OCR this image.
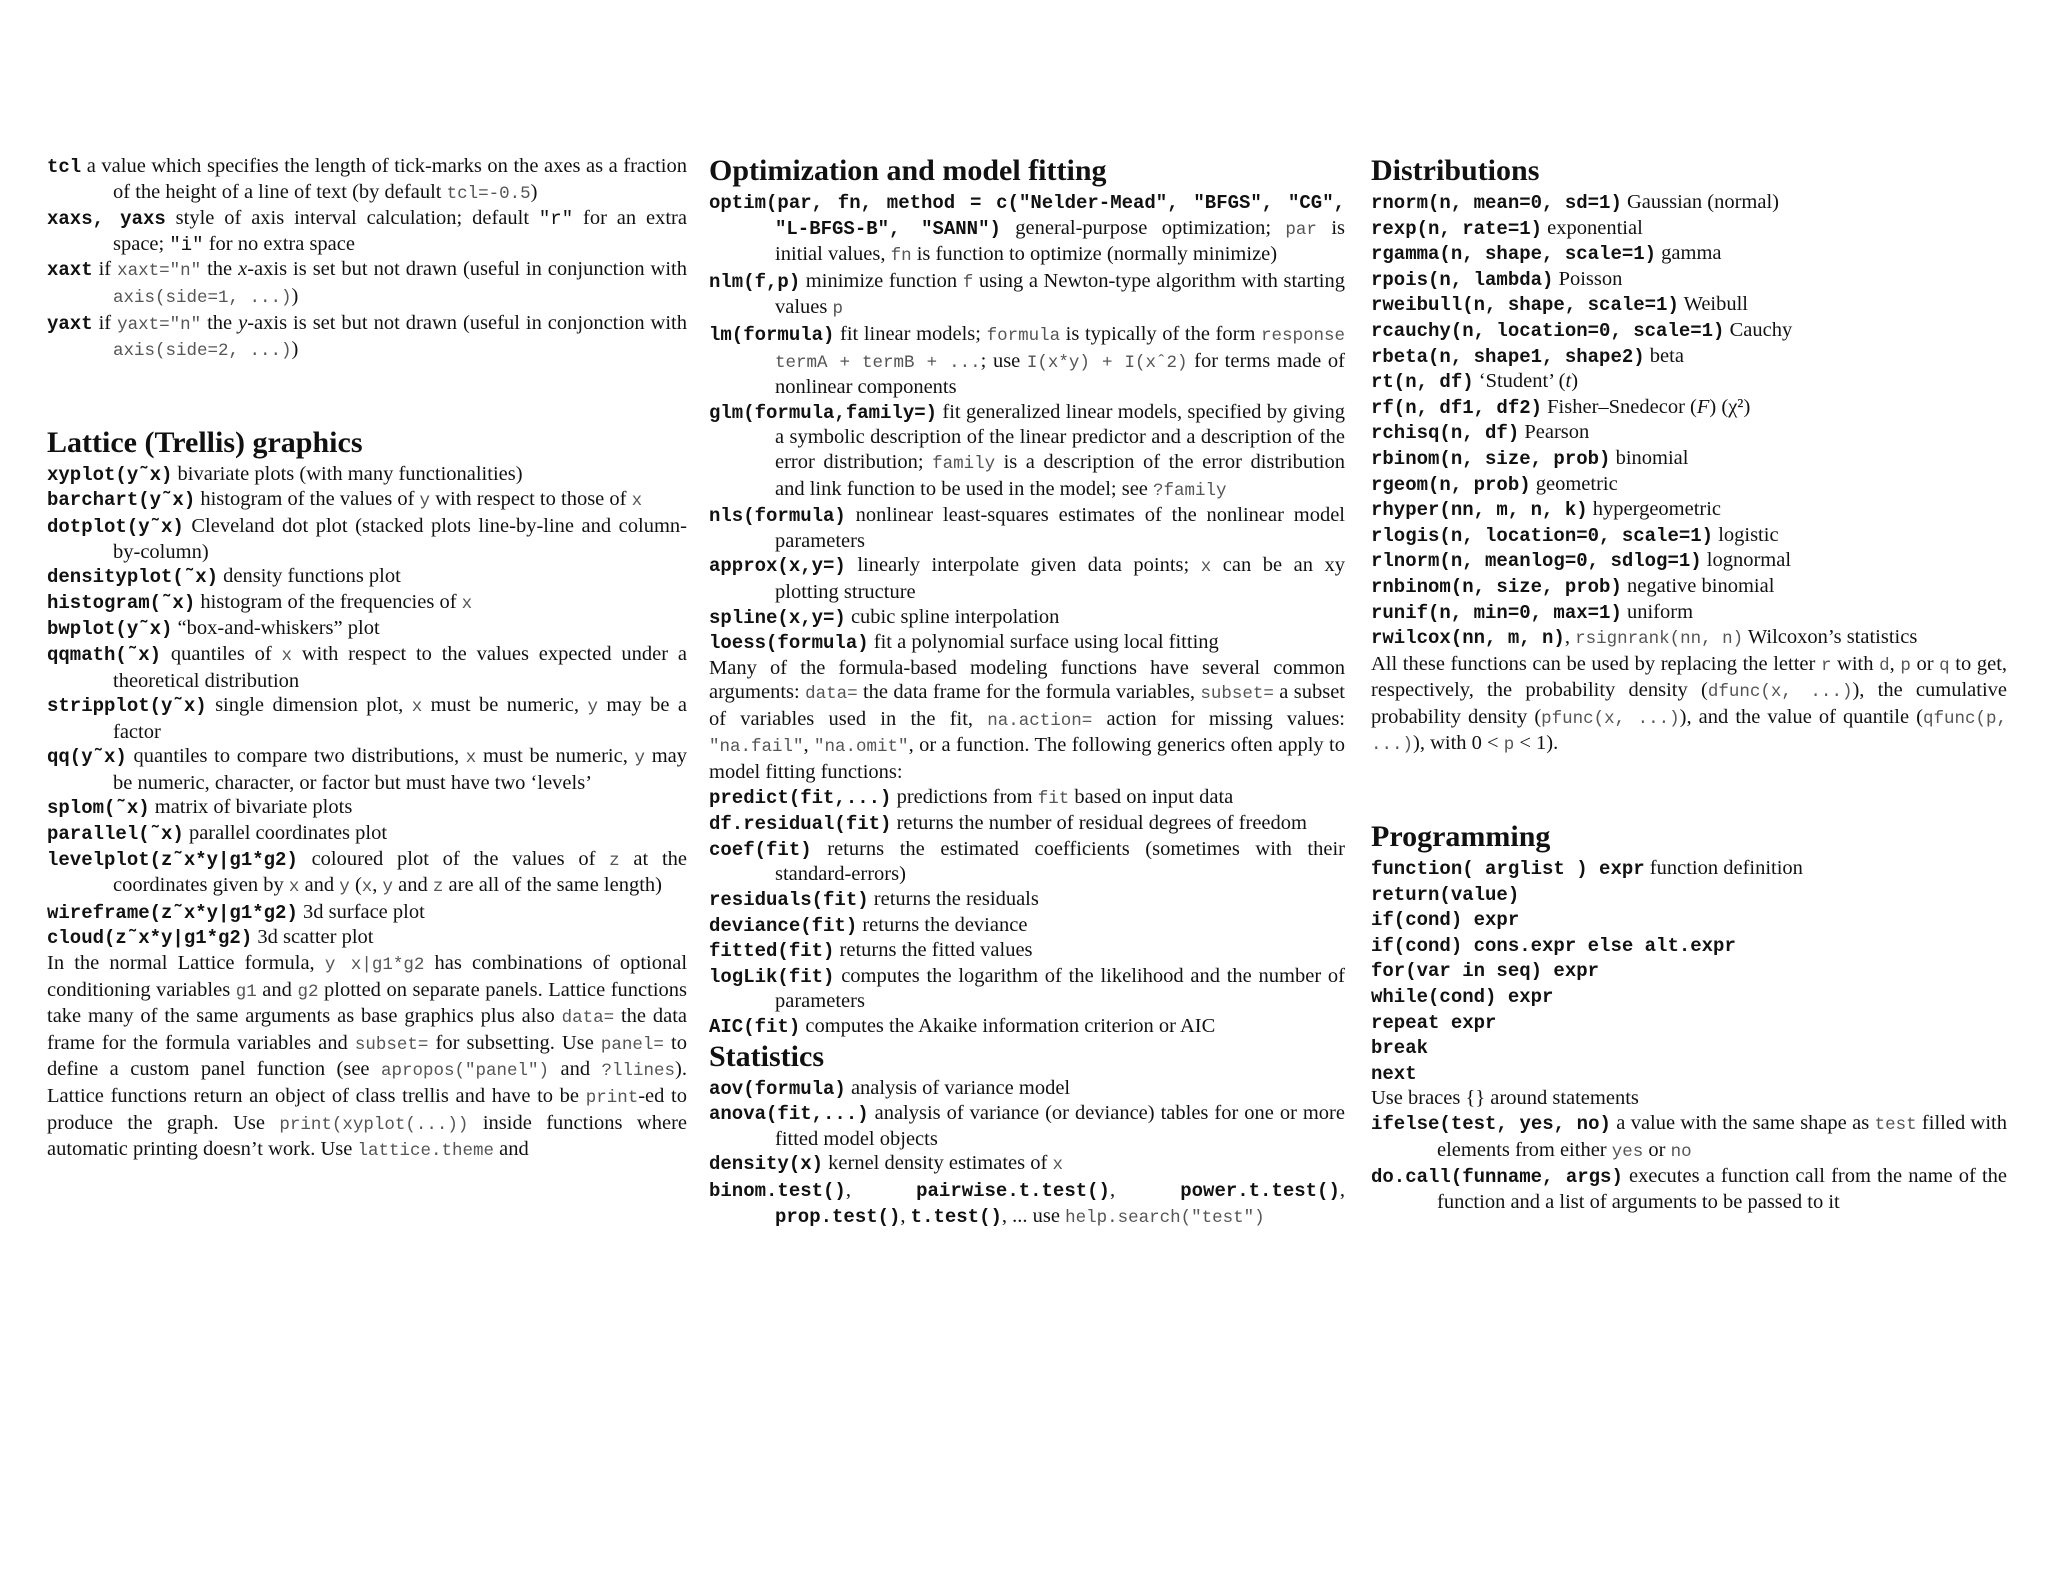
tcl a value which specifies the length of tick-marks on the axes as a fraction of the height of a line of text (by default tcl=-0.5)
xaxs, yaxs style of axis interval calculation; default "r" for an extra space; "i" for no extra space
xaxt if xaxt="n" the x-axis is set but not drawn (useful in conjunction with axis(side=1, ...))
yaxt if yaxt="n" the y-axis is set but not drawn (useful in conjonction with axis(side=2, ...))
Lattice (Trellis) graphics
xyplot(y˜x) bivariate plots (with many functionalities)
barchart(y˜x) histogram of the values of y with respect to those of x
dotplot(y˜x) Cleveland dot plot (stacked plots line-by-line and column-by-column)
densityplot(˜x) density functions plot
histogram(˜x) histogram of the frequencies of x
bwplot(y˜x) “box-and-whiskers” plot
qqmath(˜x) quantiles of x with respect to the values expected under a theoretical distribution
stripplot(y˜x) single dimension plot, x must be numeric, y may be a factor
qq(y˜x) quantiles to compare two distributions, x must be numeric, y may be numeric, character, or factor but must have two ‘levels’
splom(˜x) matrix of bivariate plots
parallel(˜x) parallel coordinates plot
levelplot(z˜x*y|g1*g2) coloured plot of the values of z at the coordinates given by x and y (x, y and z are all of the same length)
wireframe(z˜x*y|g1*g2) 3d surface plot
cloud(z˜x*y|g1*g2) 3d scatter plot
In the normal Lattice formula, y x|g1*g2 has combinations of optional conditioning variables g1 and g2 plotted on separate panels. Lattice functions take many of the same arguments as base graphics plus also data= the data frame for the formula variables and subset= for subsetting. Use panel= to define a custom panel function (see apropos("panel") and ?llines). Lattice functions return an object of class trellis and have to be print-ed to produce the graph. Use print(xyplot(...)) inside functions where automatic printing doesn’t work. Use lattice.theme and
Optimization and model fitting
optim(par, fn, method = c("Nelder-Mead", "BFGS", "CG", "L-BFGS-B", "SANN") general-purpose optimization; par is initial values, fn is function to optimize (normally minimize)
nlm(f,p) minimize function f using a Newton-type algorithm with starting values p
lm(formula) fit linear models; formula is typically of the form response termA + termB + ...; use I(x*y) + I(xˆ2) for terms made of nonlinear components
glm(formula,family=) fit generalized linear models, specified by giving a symbolic description of the linear predictor and a description of the error distribution; family is a description of the error distribution and link function to be used in the model; see ?family
nls(formula) nonlinear least-squares estimates of the nonlinear model parameters
approx(x,y=) linearly interpolate given data points; x can be an xy plotting structure
spline(x,y=) cubic spline interpolation
loess(formula) fit a polynomial surface using local fitting
Many of the formula-based modeling functions have several common arguments: data= the data frame for the formula variables, subset= a subset of variables used in the fit, na.action= action for missing values: "na.fail", "na.omit", or a function. The following generics often apply to model fitting functions:
predict(fit,...) predictions from fit based on input data
df.residual(fit) returns the number of residual degrees of freedom
coef(fit) returns the estimated coefficients (sometimes with their standard-errors)
residuals(fit) returns the residuals
deviance(fit) returns the deviance
fitted(fit) returns the fitted values
logLik(fit) computes the logarithm of the likelihood and the number of parameters
AIC(fit) computes the Akaike information criterion or AIC
Statistics
aov(formula) analysis of variance model
anova(fit,...) analysis of variance (or deviance) tables for one or more fitted model objects
density(x) kernel density estimates of x
binom.test(), pairwise.t.test(), power.t.test(), prop.test(), t.test(), ... use help.search("test")
Distributions
rnorm(n, mean=0, sd=1) Gaussian (normal)
rexp(n, rate=1) exponential
rgamma(n, shape, scale=1) gamma
rpois(n, lambda) Poisson
rweibull(n, shape, scale=1) Weibull
rcauchy(n, location=0, scale=1) Cauchy
rbeta(n, shape1, shape2) beta
rt(n, df) ‘Student’ (t)
rf(n, df1, df2) Fisher–Snedecor (F) (χ²)
rchisq(n, df) Pearson
rbinom(n, size, prob) binomial
rgeom(n, prob) geometric
rhyper(nn, m, n, k) hypergeometric
rlogis(n, location=0, scale=1) logistic
rlnorm(n, meanlog=0, sdlog=1) lognormal
rnbinom(n, size, prob) negative binomial
runif(n, min=0, max=1) uniform
rwilcox(nn, m, n), rsignrank(nn, n) Wilcoxon’s statistics
All these functions can be used by replacing the letter r with d, p or q to get, respectively, the probability density (dfunc(x, ...)), the cumulative probability density (pfunc(x, ...)), and the value of quantile (qfunc(p, ...)), with 0 < p < 1).
Programming
function( arglist ) expr function definition
return(value)
if(cond) expr
if(cond) cons.expr else alt.expr
for(var in seq) expr
while(cond) expr
repeat expr
break
next
Use braces {} around statements
ifelse(test, yes, no) a value with the same shape as test filled with elements from either yes or no
do.call(funname, args) executes a function call from the name of the function and a list of arguments to be passed to it
